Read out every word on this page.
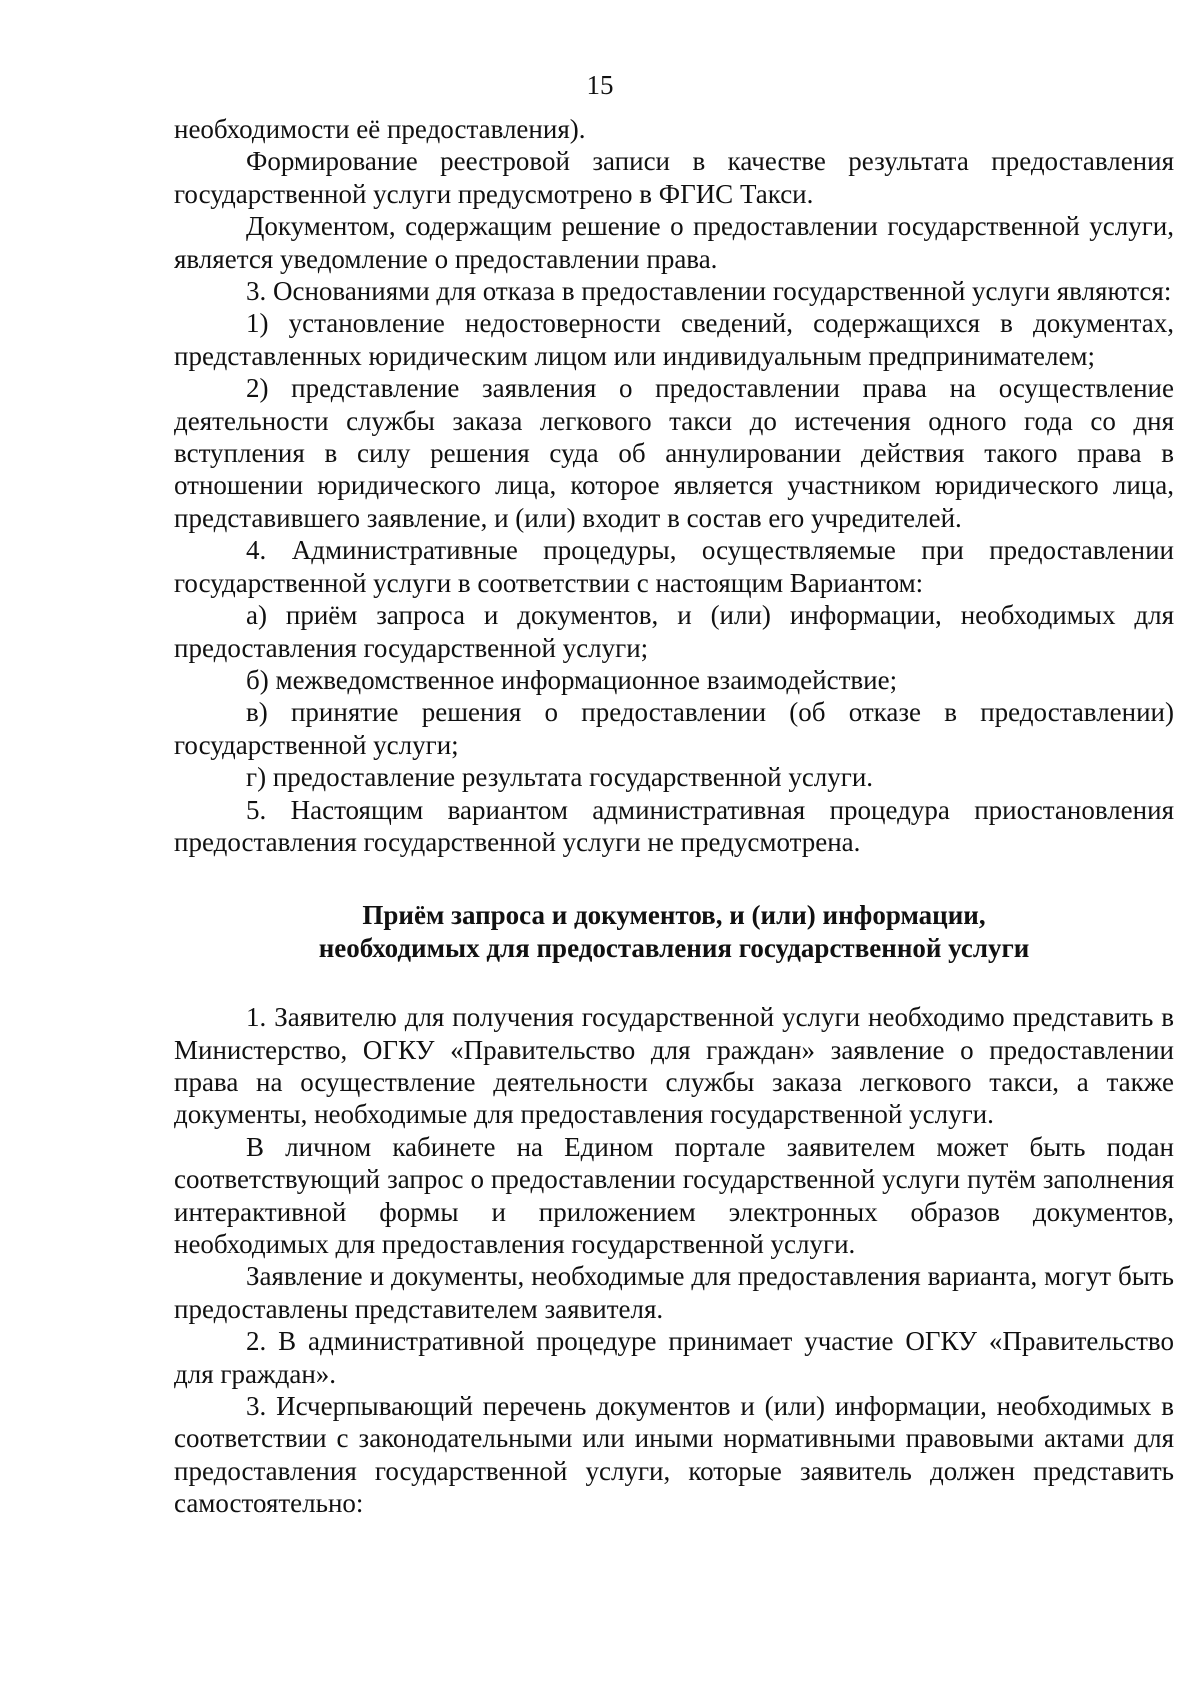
15

необходимости её предоставления).

Формирование реестровой записи в качестве результата предоставления государственной услуги предусмотрено в ФГИС Такси.

Документом, содержащим решение о предоставлении государственной услуги, является уведомление о предоставлении права.

3. Основаниями для отказа в предоставлении государственной услуги являются:

1) установление недостоверности сведений, содержащихся в документах, представленных юридическим лицом или индивидуальным предпринимателем;

2) представление заявления о предоставлении права на осуществление деятельности службы заказа легкового такси до истечения одного года со дня вступления в силу решения суда об аннулировании действия такого права в отношении юридического лица, которое является участником юридического лица, представившего заявление, и (или) входит в состав его учредителей.

4. Административные процедуры, осуществляемые при предоставлении государственной услуги в соответствии с настоящим Вариантом:

а) приём запроса и документов, и (или) информации, необходимых для предоставления государственной услуги;

б) межведомственное информационное взаимодействие;

в) принятие решения о предоставлении (об отказе в предоставлении) государственной услуги;

г) предоставление результата государственной услуги.

5. Настоящим вариантом административная процедура приостановления предоставления государственной услуги не предусмотрена.

Приём запроса и документов, и (или) информации,
необходимых для предоставления государственной услуги

1. Заявителю для получения государственной услуги необходимо представить в Министерство, ОГКУ «Правительство для граждан» заявление о предоставлении права на осуществление деятельности службы заказа легкового такси, а также документы, необходимые для предоставления государственной услуги.

В личном кабинете на Едином портале заявителем может быть подан соответствующий запрос о предоставлении государственной услуги путём заполнения интерактивной формы и приложением электронных образов документов, необходимых для предоставления государственной услуги.

Заявление и документы, необходимые для предоставления варианта, могут быть предоставлены представителем заявителя.

2. В административной процедуре принимает участие ОГКУ «Правительство для граждан».

3. Исчерпывающий перечень документов и (или) информации, необходимых в соответствии с законодательными или иными нормативными правовыми актами для предоставления государственной услуги, которые заявитель должен представить самостоятельно:
